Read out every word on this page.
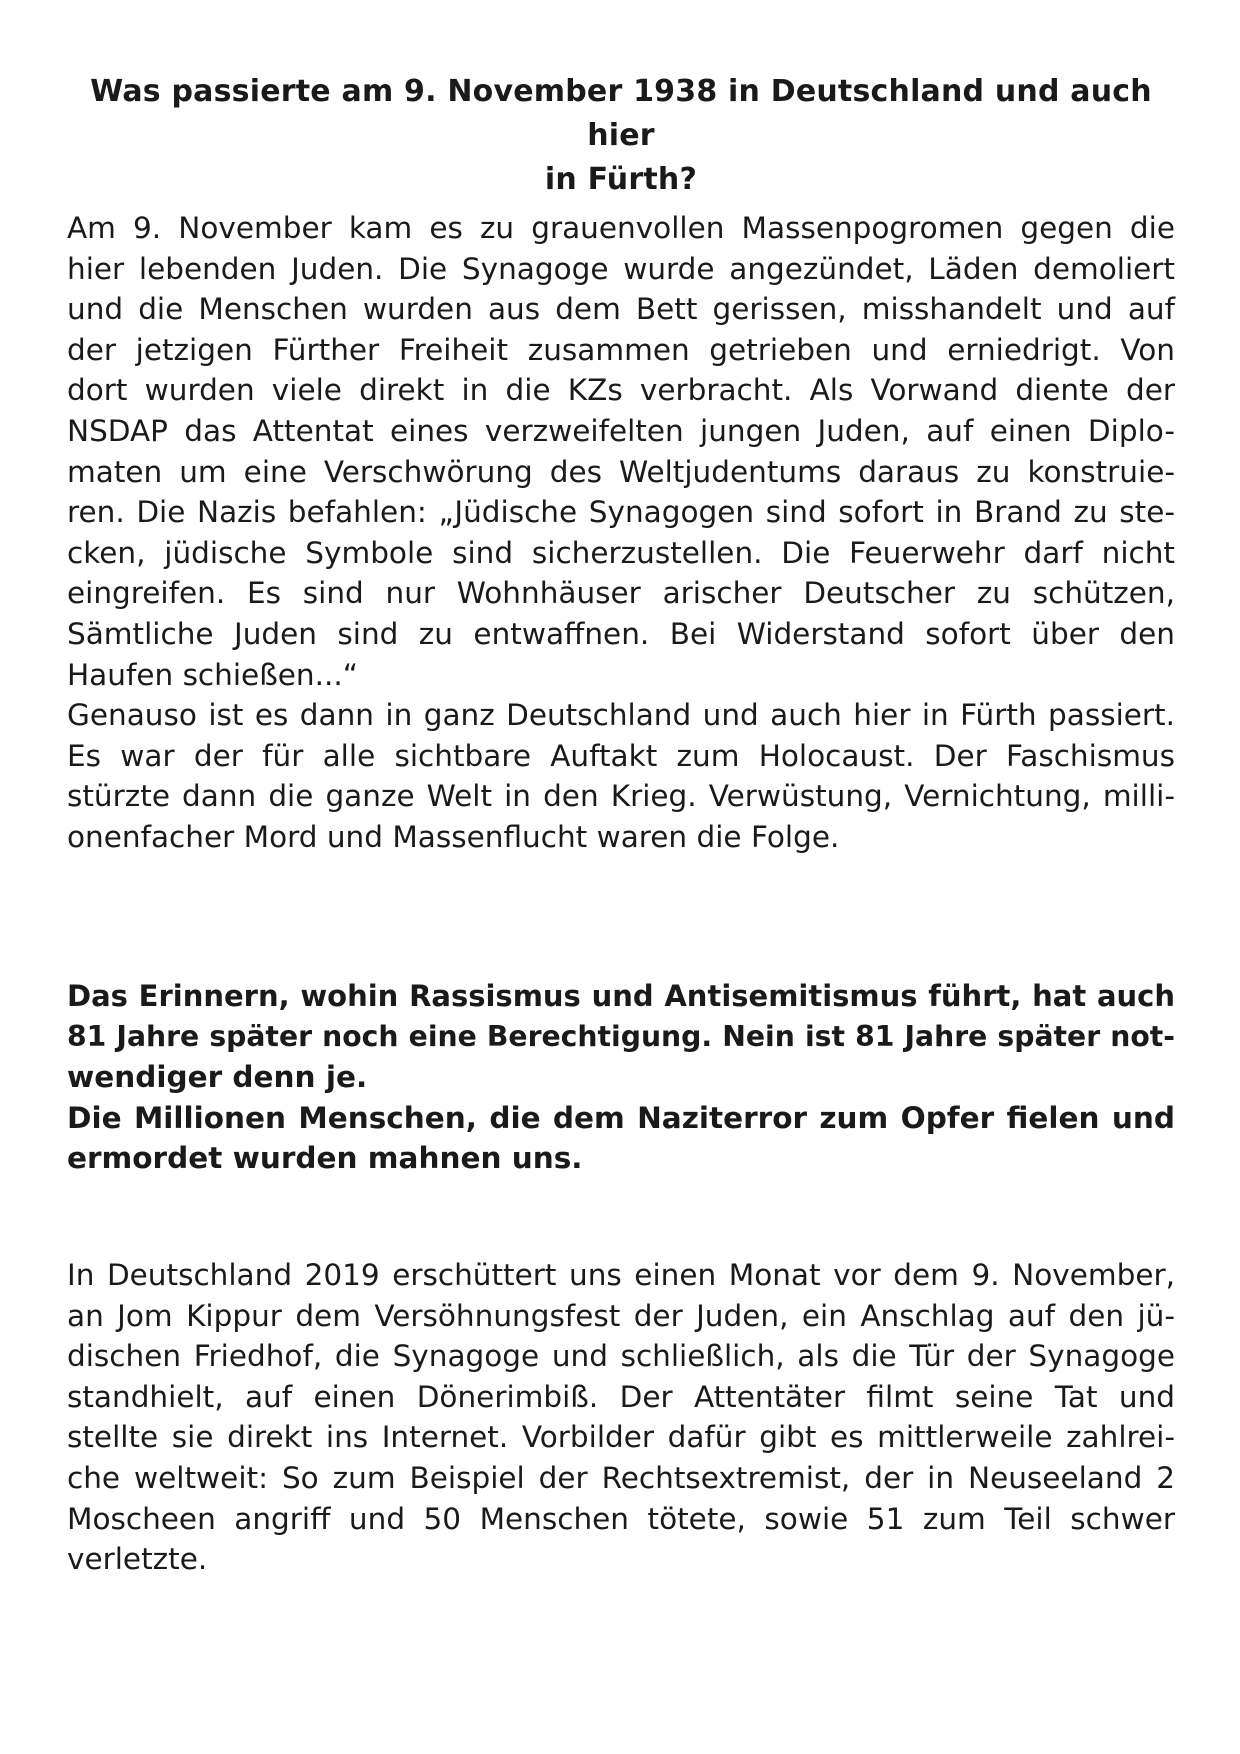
Was passierte am 9. November 1938 in Deutschland und auch hier
in Fürth?
Am 9. November kam es zu grauenvollen Massenpogromen gegen die
hier lebenden Juden. Die Synagoge wurde angezündet, Läden demoliert
und die Menschen wurden aus dem Bett gerissen, misshandelt und auf
der jetzigen Fürther Freiheit zusammen getrieben und erniedrigt. Von
dort wurden viele direkt in die KZs verbracht. Als Vorwand diente der
NSDAP das Attentat eines verzweifelten jungen Juden, auf einen Diplo-
maten um eine Verschwörung des Weltjudentums daraus zu konstruie-
ren. Die Nazis befahlen: „Jüdische Synagogen sind sofort in Brand zu ste-
cken, jüdische Symbole sind sicherzustellen. Die Feuerwehr darf nicht
eingreifen. Es sind nur Wohnhäuser arischer Deutscher zu schützen,
Sämtliche Juden sind zu entwaffnen. Bei Widerstand sofort über den
Haufen schießen...“
Genauso ist es dann in ganz Deutschland und auch hier in Fürth passiert.
Es war der für alle sichtbare Auftakt zum Holocaust. Der Faschismus
stürzte dann die ganze Welt in den Krieg. Verwüstung, Vernichtung, milli-
onenfacher Mord und Massenflucht waren die Folge.
Das Erinnern, wohin Rassismus und Antisemitismus führt, hat auch
81 Jahre später noch eine Berechtigung. Nein ist 81 Jahre später not-
wendiger denn je.
Die Millionen Menschen, die dem Naziterror zum Opfer fielen und
ermordet wurden mahnen uns.
In Deutschland 2019 erschüttert uns einen Monat vor dem 9. November,
an Jom Kippur dem Versöhnungsfest der Juden, ein Anschlag auf den jü-
dischen Friedhof, die Synagoge und schließlich, als die Tür der Synagoge
standhielt, auf einen Dönerimbiß. Der Attentäter filmt seine Tat und
stellte sie direkt ins Internet. Vorbilder dafür gibt es mittlerweile zahlrei-
che weltweit: So zum Beispiel der Rechtsextremist, der in Neuseeland 2
Moscheen angriff und 50 Menschen tötete, sowie 51 zum Teil schwer
verletzte.
